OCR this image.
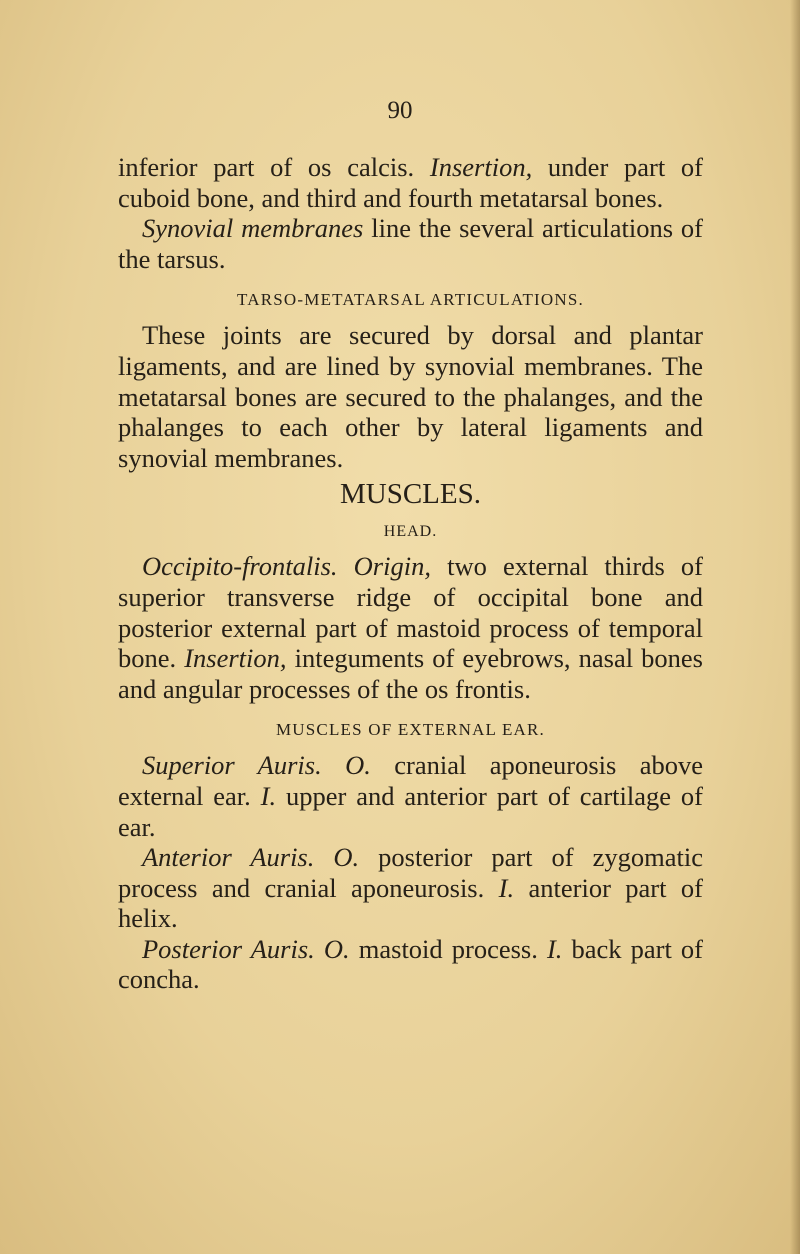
90

inferior part of os calcis. Insertion, under part of cuboid bone, and third and fourth metatarsal bones.

Synovial membranes line the several articulations of the tarsus.

TARSO-METATARSAL ARTICULATIONS.

These joints are secured by dorsal and plantar ligaments, and are lined by synovial membranes. The metatarsal bones are secured to the phalanges, and the phalanges to each other by lateral ligaments and synovial membranes.

MUSCLES.
HEAD.

Occipito-frontalis. Origin, two external thirds of superior transverse ridge of occipital bone and posterior external part of mastoid process of temporal bone. Insertion, integuments of eyebrows, nasal bones and angular processes of the os frontis.

MUSCLES OF EXTERNAL EAR.

Superior Auris. O. cranial aponeurosis above external ear. I. upper and anterior part of cartilage of ear.

Anterior Auris. O. posterior part of zygomatic process and cranial aponeurosis. I. anterior part of helix.

Posterior Auris. O. mastoid process. I. back part of concha.
